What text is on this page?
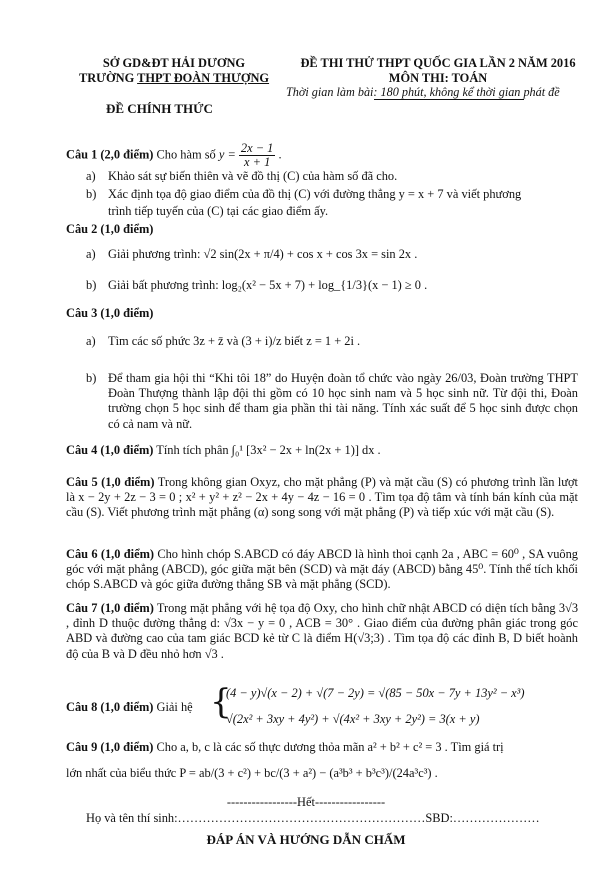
SỞ GD&ĐT HẢI DƯƠNG
TRƯỜNG THPT ĐOÀN THƯỢNG
ĐỀ CHÍNH THỨC
ĐỀ THI THỬ THPT QUỐC GIA LẦN 2 NĂM 2016
MÔN THI: TOÁN
Thời gian làm bài: 180 phút, không kể thời gian phát đề
Câu 1 (2,0 điểm) Cho hàm số $y = \frac{2x - 1}{x + 1}$ .
a) Khảo sát sự biến thiên và vẽ đồ thị (C) của hàm số đã cho.
b) Xác định tọa độ giao điểm của đồ thị (C) với đường thẳng y = x + 7 và viết phương
trình tiếp tuyến của (C) tại các giao điểm ấy.
Câu 2 (1,0 điểm)
a) Giải phương trình: √2 sin(2x + π/4) + cos x + cos 3x = sin 2x .
b) Giải bất phương trình: log₂(x² − 5x + 7) + log_{1/3}(x − 1) ≥ 0 .
Câu 3 (1,0 điểm)
a) Tìm các số phức 3z + z̄ và (3 + i)/z biết z = 1 + 2i .
b) Để tham gia hội thi “Khi tôi 18” do Huyện đoàn tổ chức vào ngày 26/03, Đoàn trường THPT Đoàn Thượng thành lập đội thi gồm có 10 học sinh nam và 5 học sinh nữ. Từ đội thi, Đoàn trường chọn 5 học sinh để tham gia phần thi tài năng. Tính xác suất để 5 học sinh được chọn có cả nam và nữ.
Câu 4 (1,0 điểm) Tính tích phân ∫₀¹ [3x² − 2x + ln(2x + 1)] dx .
Câu 5 (1,0 điểm) Trong không gian Oxyz, cho mặt phẳng (P) và mặt cầu (S) có phương trình lần lượt là x − 2y + 2z − 3 = 0 ; x² + y² + z² − 2x + 4y − 4z − 16 = 0 . Tìm tọa độ tâm và tính bán kính của mặt cầu (S). Viết phương trình mặt phẳng (α) song song với mặt phẳng (P) và tiếp xúc với mặt cầu (S).
Câu 6 (1,0 điểm) Cho hình chóp S.ABCD có đáy ABCD là hình thoi cạnh 2a , ABC = 60⁰ , SA vuông góc với mặt phẳng (ABCD), góc giữa mặt bên (SCD) và mặt đáy (ABCD) bằng 45⁰. Tính thể tích khối chóp S.ABCD và góc giữa đường thẳng SB và mặt phẳng (SCD).
Câu 7 (1,0 điểm) Trong mặt phẳng với hệ tọa độ Oxy, cho hình chữ nhật ABCD có diện tích bằng 3√3 , đỉnh D thuộc đường thẳng d: √3x − y = 0 , ACB = 30° . Giao điểm của đường phân giác trong góc ABD và đường cao của tam giác BCD kẻ từ C là điểm H(√3;3) . Tìm tọa độ các đỉnh B, D biết hoành độ của B và D đều nhỏ hơn √3 .
Câu 8 (1,0 điểm) Giải hệ {
(4 − y)√(x − 2) + √(7 − 2y) = √(85 − 50x − 7y + 13y² − x³)
√(2x² + 3xy + 4y²) + √(4x² + 3xy + 2y²) = 3(x + y)
Câu 9 (1,0 điểm) Cho a, b, c là các số thực dương thỏa mãn a² + b² + c² = 3 . Tìm giá trị
lớn nhất của biểu thức P = ab/(3 + c²) + bc/(3 + a²) − (a³b³ + b³c³)/(24a³c³) .
-----------------Hết-----------------
Họ và tên thí sinh:……………………………………………………SBD:…………………
ĐÁP ÁN VÀ HƯỚNG DẪN CHẤM
